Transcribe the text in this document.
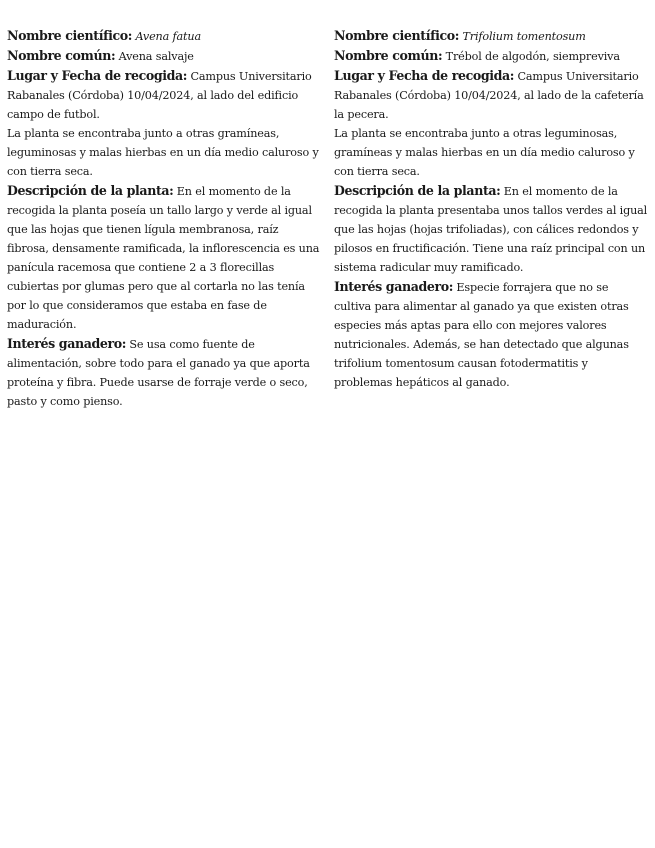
Nombre científico: Avena fatua

Nombre común: Avena salvaje

Lugar y Fecha de recogida: Campus Universitario Rabanales (Córdoba) 10/04/2024, al lado del edificio campo de futbol.

La planta se encontraba junto a otras gramíneas, leguminosas y malas hierbas en un día medio caluroso y con tierra seca.

Descripción de la planta: En el momento de la recogida la planta poseía un tallo largo y verde al igual que las hojas que tienen lígula membranosa, raíz fibrosa, densamente ramificada, la inflorescencia es una panícula racemosa que contiene 2 a 3 florecillas cubiertas por glumas pero que al cortarla no las tenía por lo que consideramos que estaba en fase de maduración.

Interés ganadero: Se usa como fuente de alimentación, sobre todo para el ganado ya que aporta proteína y fibra. Puede usarse de forraje verde o seco, pasto y como pienso.

Nombre científico: Trifolium tomentosum

Nombre común: Trébol de algodón, siempreviva

Lugar y Fecha de recogida: Campus Universitario Rabanales (Córdoba) 10/04/2024, al lado de la cafetería la pecera.

La planta se encontraba junto a otras leguminosas, gramíneas y malas hierbas en un día medio caluroso y con tierra seca.

Descripción de la planta: En el momento de la recogida la planta presentaba unos tallos verdes al igual que las hojas (hojas trifoliadas), con cálices redondos y pilosos en fructificación. Tiene una raíz principal con un sistema radicular muy ramificado.

Interés ganadero: Especie forrajera que no se cultiva para alimentar al ganado ya que existen otras especies más aptas para ello con mejores valores nutricionales. Además, se han detectado que algunas trifolium tomentosum causan fotodermatitis y problemas hepáticos al ganado.
